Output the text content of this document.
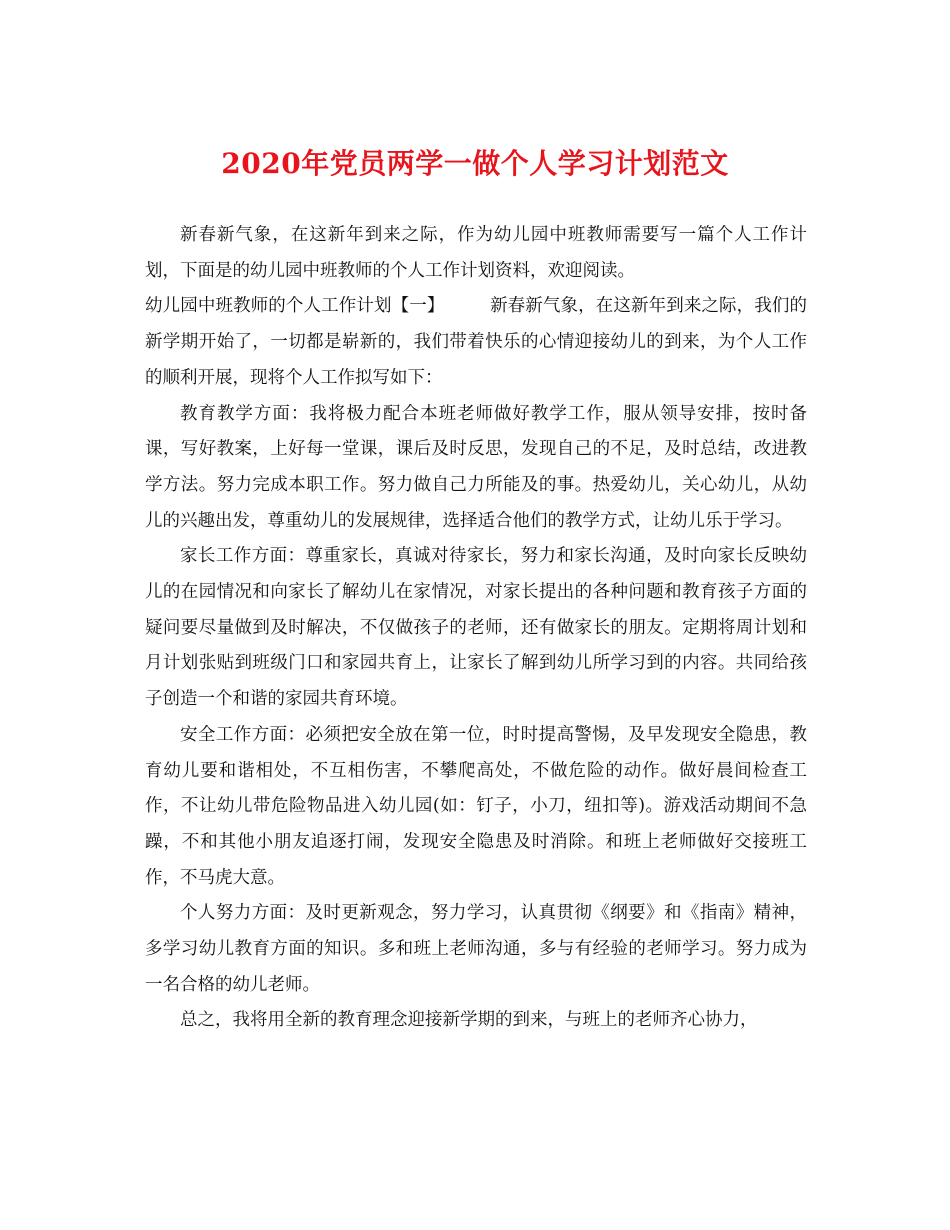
2020年党员两学一做个人学习计划范文

新春新气象，在这新年到来之际，作为幼儿园中班教师需要写一篇个人工作计划，下面是的幼儿园中班教师的个人工作计划资料，欢迎阅读。

幼儿园中班教师的个人工作计划【一】	新春新气象，在这新年到来之际，我们的新学期开始了，一切都是崭新的，我们带着快乐的心情迎接幼儿的到来，为个人工作的顺利开展，现将个人工作拟写如下：

教育教学方面：我将极力配合本班老师做好教学工作，服从领导安排，按时备课，写好教案，上好每一堂课，课后及时反思，发现自己的不足，及时总结，改进教学方法。努力完成本职工作。努力做自己力所能及的事。热爱幼儿，关心幼儿，从幼儿的兴趣出发，尊重幼儿的发展规律，选择适合他们的教学方式，让幼儿乐于学习。

家长工作方面：尊重家长，真诚对待家长，努力和家长沟通，及时向家长反映幼儿的在园情况和向家长了解幼儿在家情况，对家长提出的各种问题和教育孩子方面的疑问要尽量做到及时解决，不仅做孩子的老师，还有做家长的朋友。定期将周计划和月计划张贴到班级门口和家园共育上，让家长了解到幼儿所学习到的内容。共同给孩子创造一个和谐的家园共育环境。

安全工作方面：必须把安全放在第一位，时时提高警惕，及早发现安全隐患，教育幼儿要和谐相处，不互相伤害，不攀爬高处，不做危险的动作。做好晨间检查工作，不让幼儿带危险物品进入幼儿园(如：钉子，小刀，纽扣等)。游戏活动期间不急躁，不和其他小朋友追逐打闹，发现安全隐患及时消除。和班上老师做好交接班工作，不马虎大意。

个人努力方面：及时更新观念，努力学习，认真贯彻《纲要》和《指南》精神，多学习幼儿教育方面的知识。多和班上老师沟通，多与有经验的老师学习。努力成为一名合格的幼儿老师。

总之，我将用全新的教育理念迎接新学期的到来，与班上的老师齐心协力，
